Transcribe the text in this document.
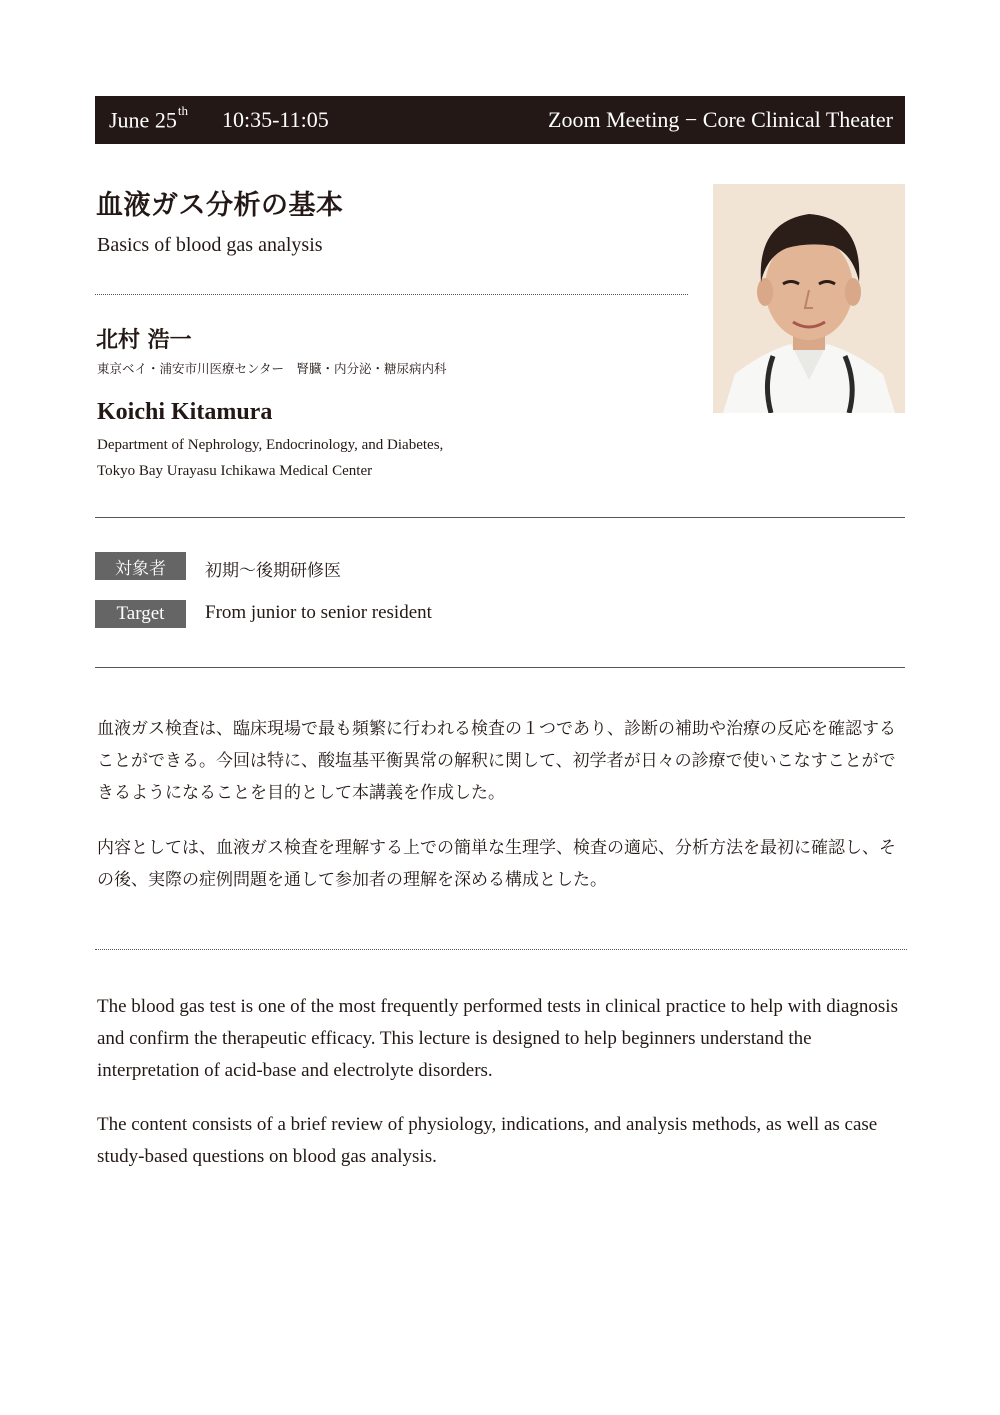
June 25th 10:35-11:05	Zoom Meeting − Core Clinical Theater
血液ガス分析の基本
Basics of blood gas analysis
北村 浩一
東京ベイ・浦安市川医療センター　腎臓・内分泌・糖尿病内科
Koichi Kitamura
Department of Nephrology, Endocrinology, and Diabetes,
Tokyo Bay Urayasu Ichikawa Medical Center
対象者	初期〜後期研修医
Target	From junior to senior resident

血液ガス検査は、臨床現場で最も頻繁に行われる検査の１つであり、診断の補助や治療の反応を確認することができる。今回は特に、酸塩基平衡異常の解釈に関して、初学者が日々の診療で使いこなすことができるようになることを目的として本講義を作成した。

内容としては、血液ガス検査を理解する上での簡単な生理学、検査の適応、分析方法を最初に確認し、その後、実際の症例問題を通して参加者の理解を深める構成とした。

The blood gas test is one of the most frequently performed tests in clinical practice to help with diagnosis and confirm the therapeutic efficacy. This lecture is designed to help beginners understand the interpretation of acid-base and electrolyte disorders.

The content consists of a brief review of physiology, indications, and analysis methods, as well as case study-based questions on blood gas analysis.
